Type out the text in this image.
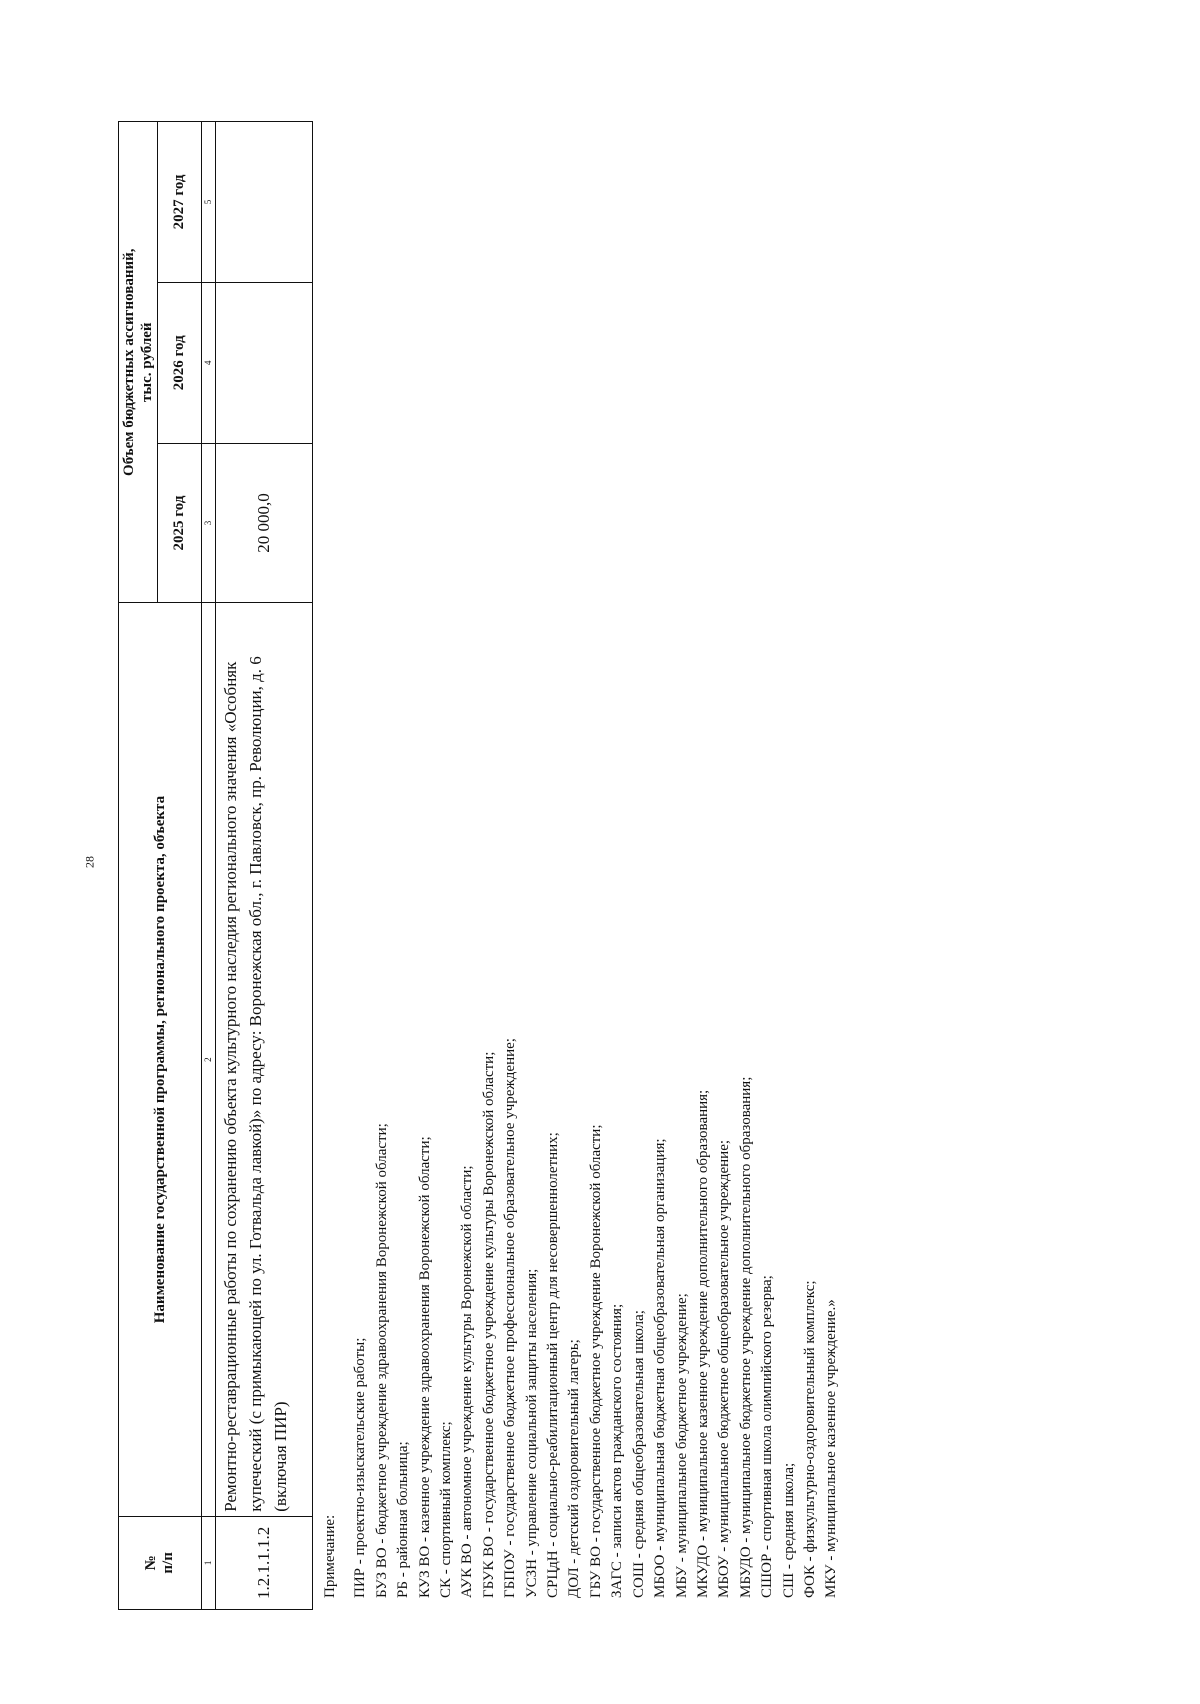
28
№
п/п	Наименование государственной программы, регионального проекта, объекта	Объем бюджетных ассигнований,
тыс. рублей		
		2025 год	2026 год	2027 год
1	2	3	4	5
1.2.1.1.1.2	Ремонтно-реставрационные работы по сохранению объекта культурного наследия регионального значения «Особняк купеческий (с примыкающей по ул. Готвальда лавкой)» по адресу: Воронежская обл., г. Павловск, пр. Революции, д. 6 (включая ПИР)	20 000,0		
Примечание: ПИР - проектно-изыскательские работы; БУЗ ВО - бюджетное учреждение здравоохранения Воронежской области; РБ - районная больница; КУЗ ВО - казенное учреждение здравоохранения Воронежской области; СК - спортивный комплекс; АУК ВО - автономное учреждение культуры Воронежской области; ГБУК ВО - государственное бюджетное учреждение культуры Воронежской области; ГБПОУ - государственное бюджетное профессиональное образовательное учреждение; УСЗН - управление социальной защиты населения; СРЦдН - социально-реабилитационный центр для несовершеннолетних; ДОЛ - детский оздоровительный лагерь; ГБУ ВО - государственное бюджетное учреждение Воронежской области; ЗАГС - записи актов гражданского состояния; СОШ - средняя общеобразовательная школа; МБОО - муниципальная бюджетная общеобразовательная организация; МБУ - муниципальное бюджетное учреждение; МКУДО - муниципальное казенное учреждение дополнительного образования; МБОУ - муниципальное бюджетное общеобразовательное учреждение; МБУДО - муниципальное бюджетное учреждение дополнительного образования; СШОР - спортивная школа олимпийского резерва; СШ - средняя школа; ФОК - физкультурно-оздоровительный комплекс; МКУ - муниципальное казенное учреждение.»
